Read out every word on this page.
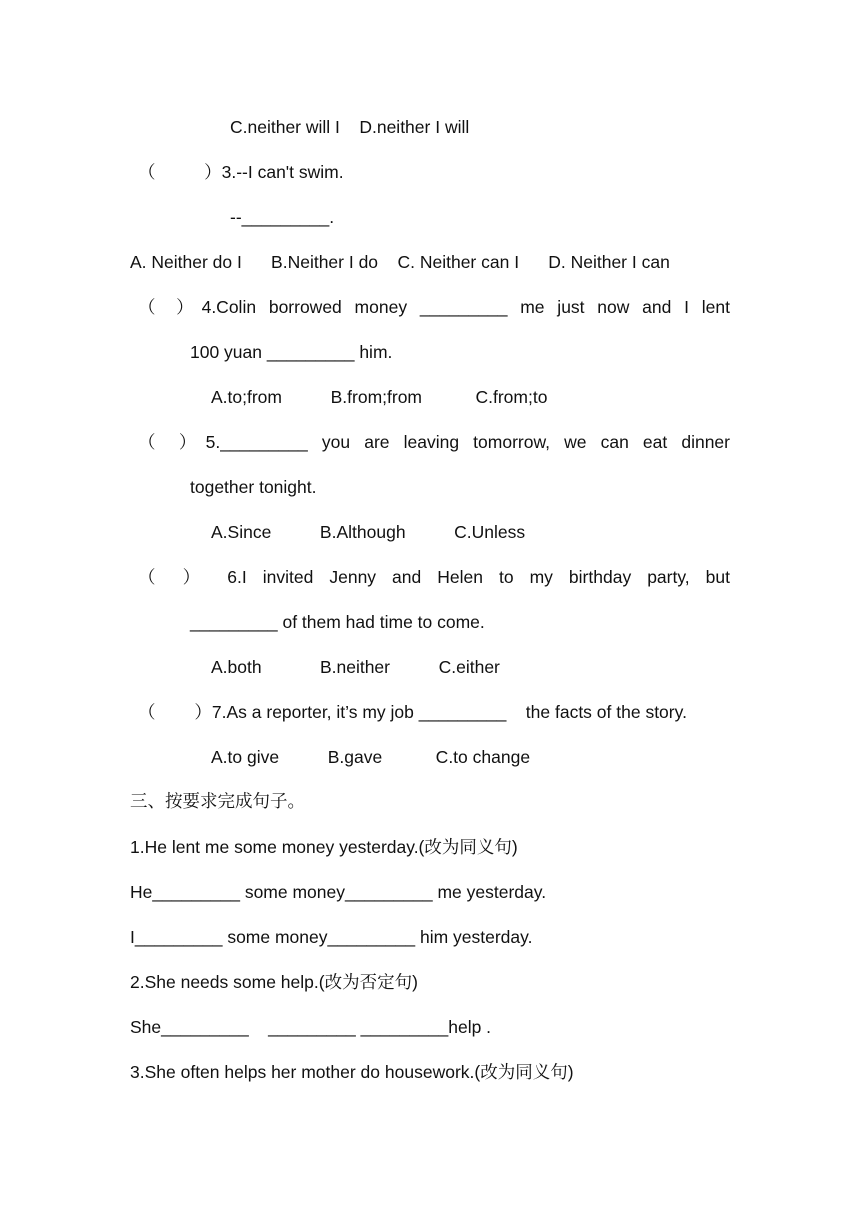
C.neither will I    D.neither I will
（          ）3.--I can't swim.
--_________.
A. Neither do I      B.Neither I do    C. Neither can I      D. Neither I can
（ ）4.Colin borrowed money _________ me just now and I lent
100 yuan _________ him.
A.to;from          B.from;from           C.from;to
（ ）5._________ you are leaving tomorrow, we can eat dinner
together tonight.
A.Since          B.Although          C.Unless
（ ） 6.I invited Jenny and Helen to my birthday party, but
_________ of them had time to come.
A.both            B.neither          C.either
（        ）7.As a reporter, it’s my job _________    the facts of the story.
A.to give          B.gave           C.to change
三、按要求完成句子。
1.He lent me some money yesterday.(改为同义句)
He_________ some money_________ me yesterday.
I_________ some money_________ him yesterday.
2.She needs some help.(改为否定句)
She_________    _________ _________help .
3.She often helps her mother do housework.(改为同义句)
